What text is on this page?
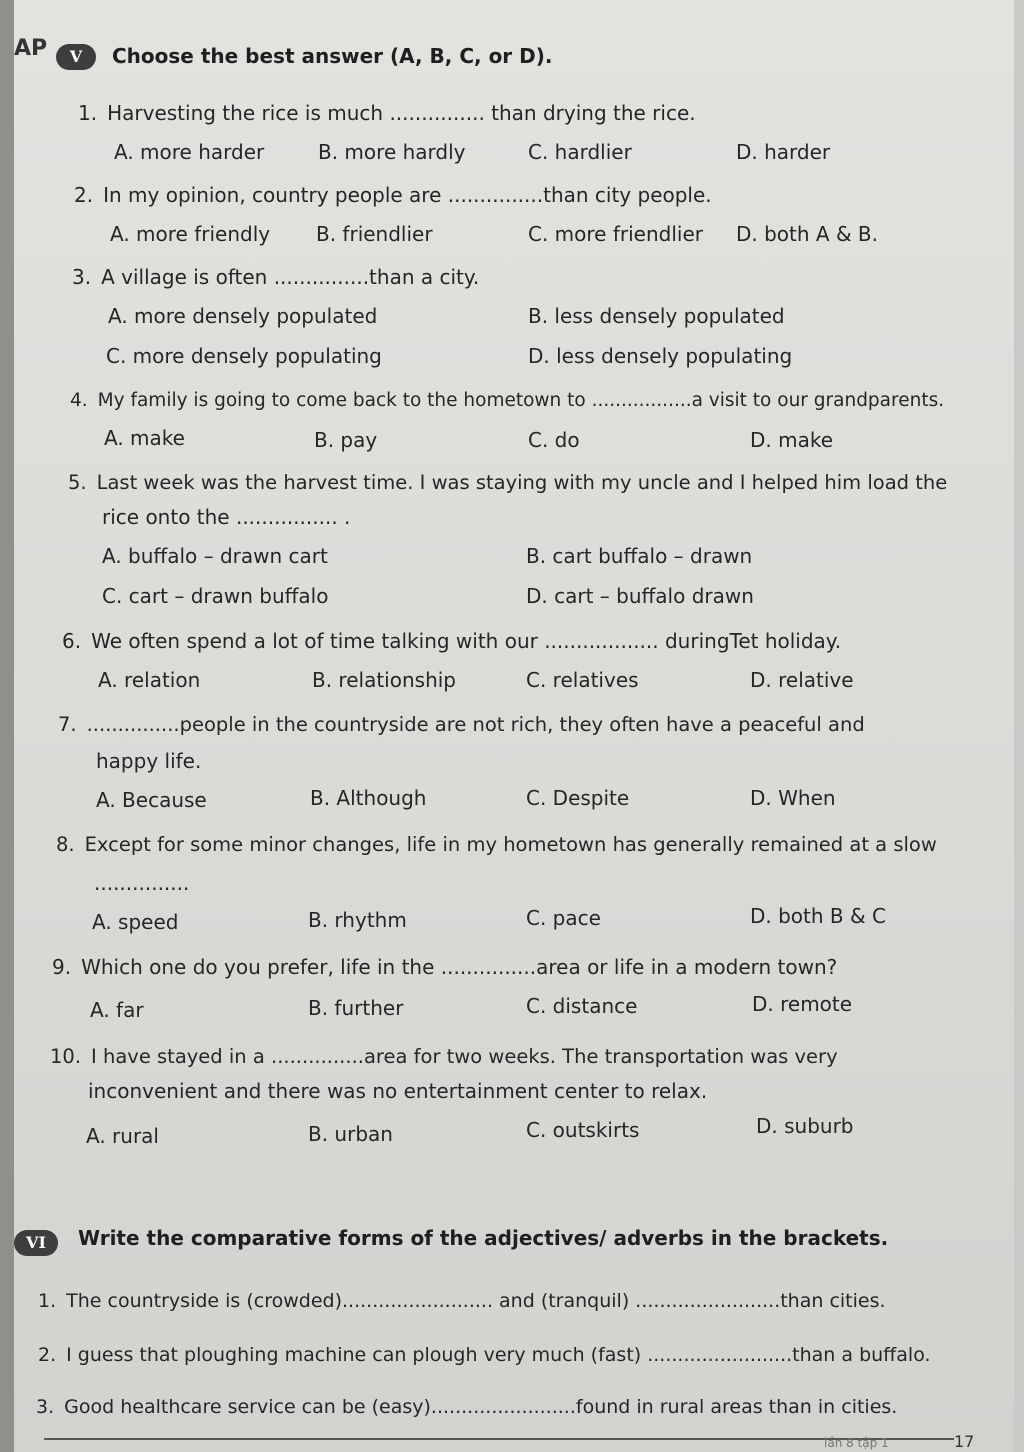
AP	V	Choose the best answer (A, B, C, or D).
1. Harvesting the rice is much ............... than drying the rice.
A. more harder	B. more hardly	C. hardlier	D. harder
2. In my opinion, country people are ...............than city people.
A. more friendly B. friendlier	C. more friendlier D. both A & B.
3. A village is often ...............than a city.
A. more densely populated	B. less densely populated
C. more densely populating	D. less densely populating
4. My family is going to come back to the hometown to .................a visit to our grandparents.
A. make	B. pay	C. do	D. make
5. Last week was the harvest time. I was staying with my uncle and I helped him load the
rice onto the ................ .
A. buffalo – drawn cart	B. cart buffalo – drawn
C. cart – drawn buffalo	D. cart – buffalo drawn
6. We often spend a lot of time talking with our .................. duringTet holiday.
A. relation	B. relationship	C. relatives	D. relative
7. ...............people in the countryside are not rich, they often have a peaceful and
happy life.
A. Because	B. Although	C. Despite	D. When
8. Except for some minor changes, life in my hometown has generally remained at a slow
...............
A. speed	B. rhythm	C. pace	D. both B & C
9. Which one do you prefer, life in the ...............area or life in a modern town?
A. far	B. further	C. distance	D. remote
10. I have stayed in a ...............area for two weeks. The transportation was very
inconvenient and there was no entertainment center to relax.
A. rural	B. urban	C. outskirts	D. suburb
VI	Write the comparative forms of the adjectives/ adverbs in the brackets.
1. The countryside is (crowded)......................... and (tranquil) ........................than cities.
2. I guess that ploughing machine can plough very much (fast) ........................than a buffalo.
3. Good healthcare service can be (easy)........................found in rural areas than in cities.
lần 8 tập 1	17
